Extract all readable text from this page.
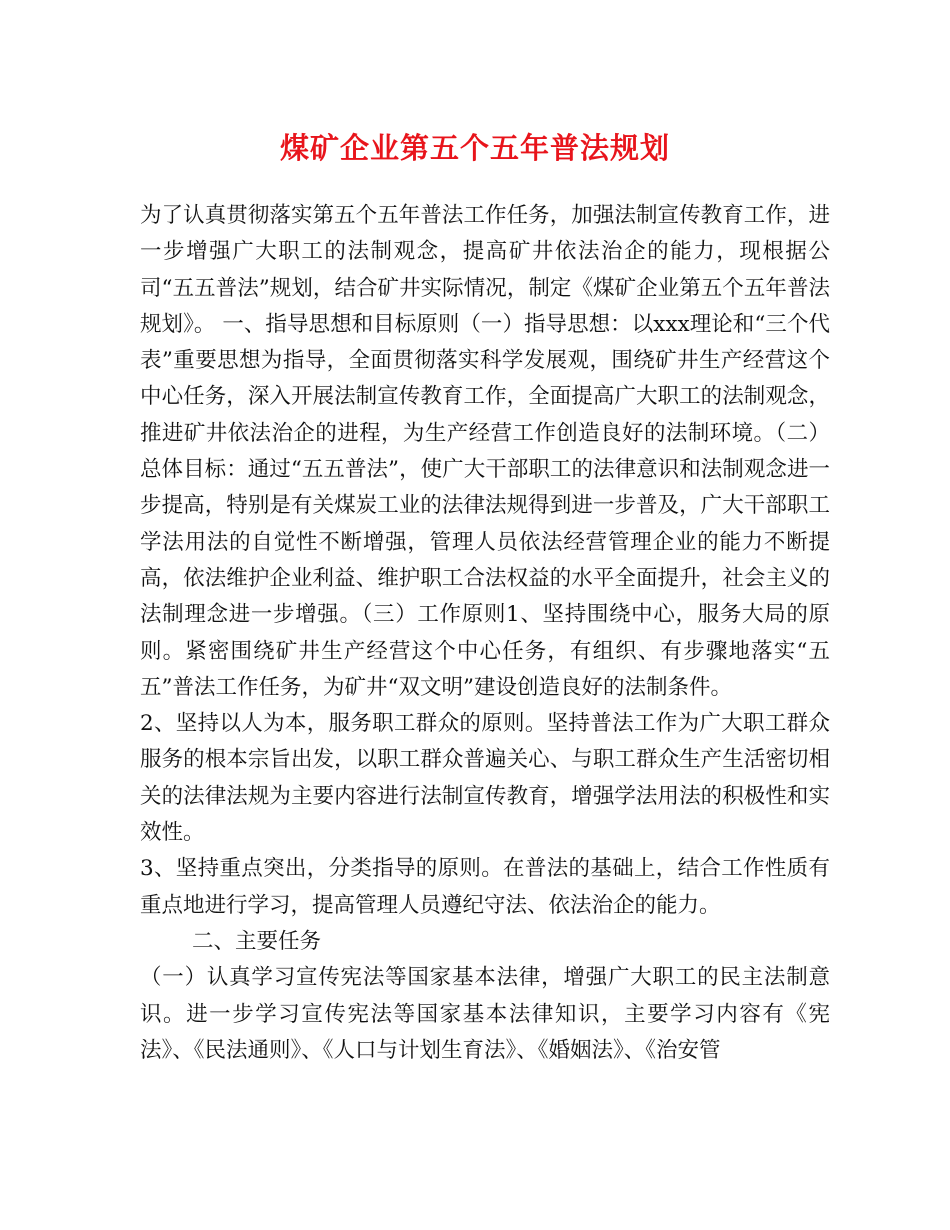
煤矿企业第五个五年普法规划

为了认真贯彻落实第五个五年普法工作任务，加强法制宣传教育工作，进一步增强广大职工的法制观念，提高矿井依法治企的能力，现根据公司“五五普法”规划，结合矿井实际情况，制定《煤矿企业第五个五年普法规划》。 一、指导思想和目标原则（一）指导思想：以xxx理论和“三个代表”重要思想为指导，全面贯彻落实科学发展观，围绕矿井生产经营这个中心任务，深入开展法制宣传教育工作，全面提高广大职工的法制观念，推进矿井依法治企的进程，为生产经营工作创造良好的法制环境。（二）总体目标：通过“五五普法”，使广大干部职工的法律意识和法制观念进一步提高，特别是有关煤炭工业的法律法规得到进一步普及，广大干部职工学法用法的自觉性不断增强，管理人员依法经营管理企业的能力不断提高，依法维护企业利益、维护职工合法权益的水平全面提升，社会主义的法制理念进一步增强。（三）工作原则1、坚持围绕中心，服务大局的原则。紧密围绕矿井生产经营这个中心任务，有组织、有步骤地落实“五五”普法工作任务，为矿井“双文明”建设创造良好的法制条件。

2、坚持以人为本，服务职工群众的原则。坚持普法工作为广大职工群众服务的根本宗旨出发，以职工群众普遍关心、与职工群众生产生活密切相关的法律法规为主要内容进行法制宣传教育，增强学法用法的积极性和实效性。

3、坚持重点突出，分类指导的原则。在普法的基础上，结合工作性质有重点地进行学习，提高管理人员遵纪守法、依法治企的能力。

二、主要任务

（一）认真学习宣传宪法等国家基本法律，增强广大职工的民主法制意识。进一步学习宣传宪法等国家基本法律知识，主要学习内容有《宪法》、《民法通则》、《人口与计划生育法》、《婚姻法》、《治安管
